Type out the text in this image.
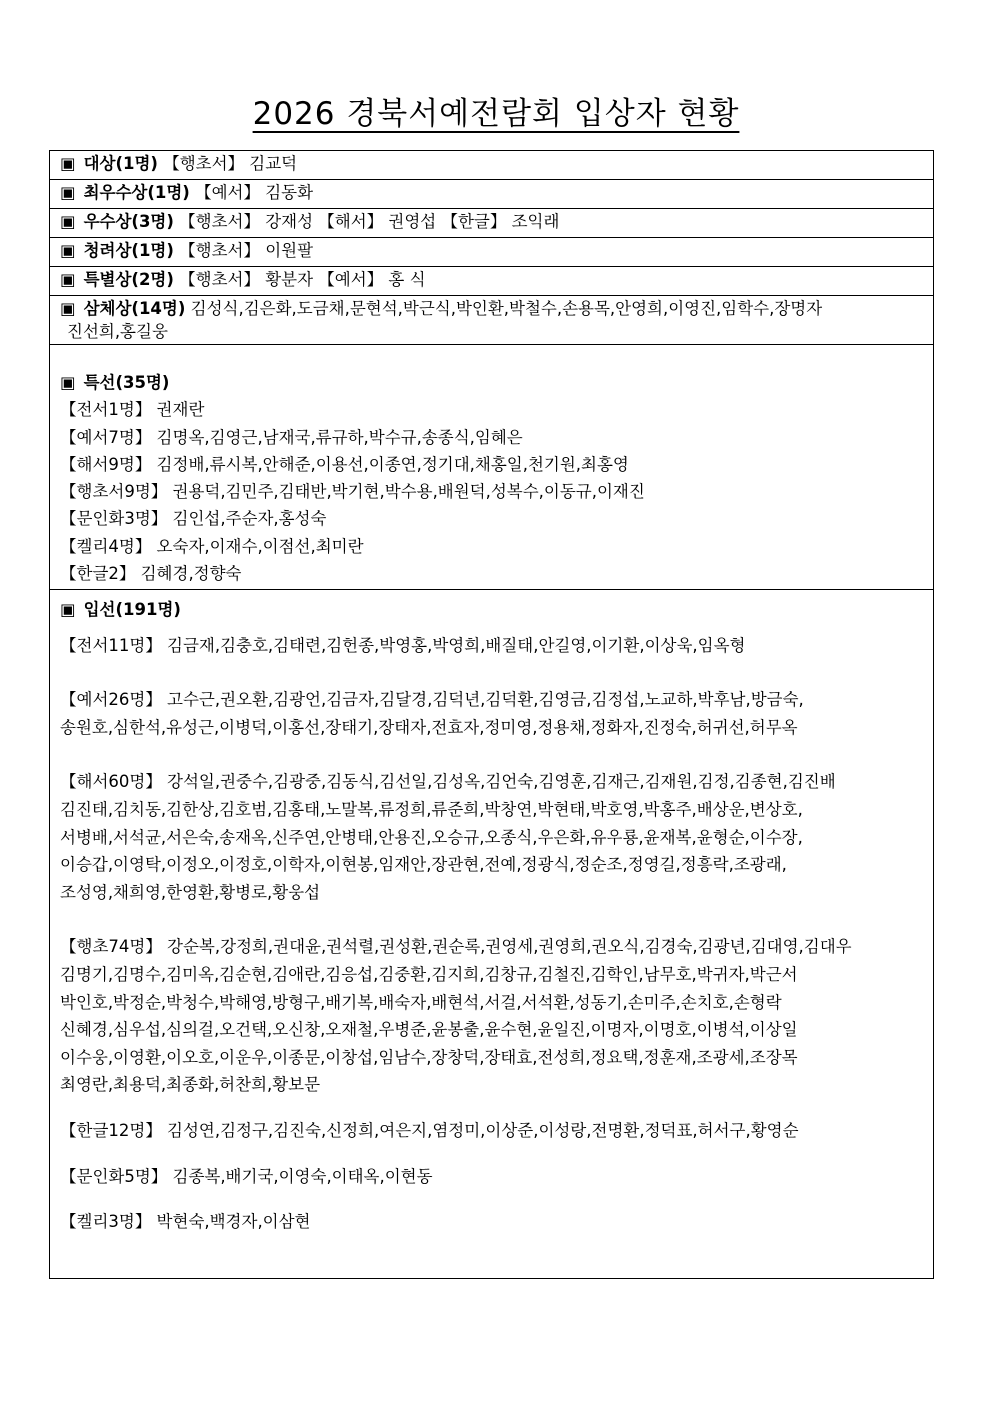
2026 경북서예전람회 입상자 현황
▣ 대상(1명) 【행초서】 김교덕
▣ 최우수상(1명) 【예서】 김동화
▣ 우수상(3명) 【행초서】 강재성 【해서】 권영섭 【한글】 조익래
▣ 청려상(1명) 【행초서】 이원팔
▣ 특별상(2명) 【행초서】 황분자 【예서】 홍 식
▣ 삼체상(14명) 김성식,김은화,도금채,문현석,박근식,박인환,박철수,손용목,안영희,이영진,임학수,장명자
진선희,홍길웅
▣ 특선(35명)
【전서1명】 권재란
【예서7명】 김명옥,김영근,남재국,류규하,박수규,송종식,임혜은
【해서9명】 김정배,류시복,안해준,이용선,이종연,정기대,채홍일,천기원,최홍영
【행초서9명】 권용덕,김민주,김태반,박기현,박수용,배원덕,성복수,이동규,이재진
【문인화3명】 김인섭,주순자,홍성숙
【켈리4명】 오숙자,이재수,이점선,최미란
【한글2】 김혜경,정향숙
▣ 입선(191명)
【전서11명】 김금재,김충호,김태련,김헌종,박영홍,박영희,배질태,안길영,이기환,이상욱,임옥형
【예서26명】 고수근,권오환,김광언,김금자,김달경,김덕년,김덕환,김영금,김정섭,노교하,박후남,방금숙,
송원호,심한석,유성근,이병덕,이홍선,장태기,장태자,전효자,정미영,정용채,정화자,진정숙,허귀선,허무옥
【해서60명】 강석일,권중수,김광중,김동식,김선일,김성옥,김언숙,김영훈,김재근,김재원,김정,김종현,김진배
김진태,김치동,김한상,김호범,김홍태,노말복,류정희,류준희,박창연,박현태,박호영,박홍주,배상운,변상호,
서병배,서석균,서은숙,송재옥,신주연,안병태,안용진,오승규,오종식,우은화,유우룡,윤재복,윤형순,이수장,
이승갑,이영탁,이정오,이정호,이학자,이현봉,임재안,장관현,전예,정광식,정순조,정영길,정흥락,조광래,
조성영,채희영,한영환,황병로,황웅섭
【행초74명】 강순복,강정희,권대윤,권석렬,권성환,권순록,권영세,권영희,권오식,김경숙,김광년,김대영,김대우
김명기,김명수,김미옥,김순현,김애란,김응섭,김중환,김지희,김창규,김철진,김학인,남무호,박귀자,박근서
박인호,박정순,박청수,박해영,방형구,배기복,배숙자,배현석,서걸,서석환,성동기,손미주,손치호,손형락
신혜경,심우섭,심의걸,오건택,오신창,오재철,우병준,윤봉출,윤수현,윤일진,이명자,이명호,이병석,이상일
이수웅,이영환,이오호,이운우,이종문,이창섭,임남수,장창덕,장태효,전성희,정요택,정훈재,조광세,조장목
최영란,최용덕,최종화,허찬희,황보문
【한글12명】 김성연,김정구,김진숙,신정희,여은지,염정미,이상준,이성랑,전명환,정덕표,허서구,황영순
【문인화5명】 김종복,배기국,이영숙,이태옥,이현동
【켈리3명】 박현숙,백경자,이삼현
